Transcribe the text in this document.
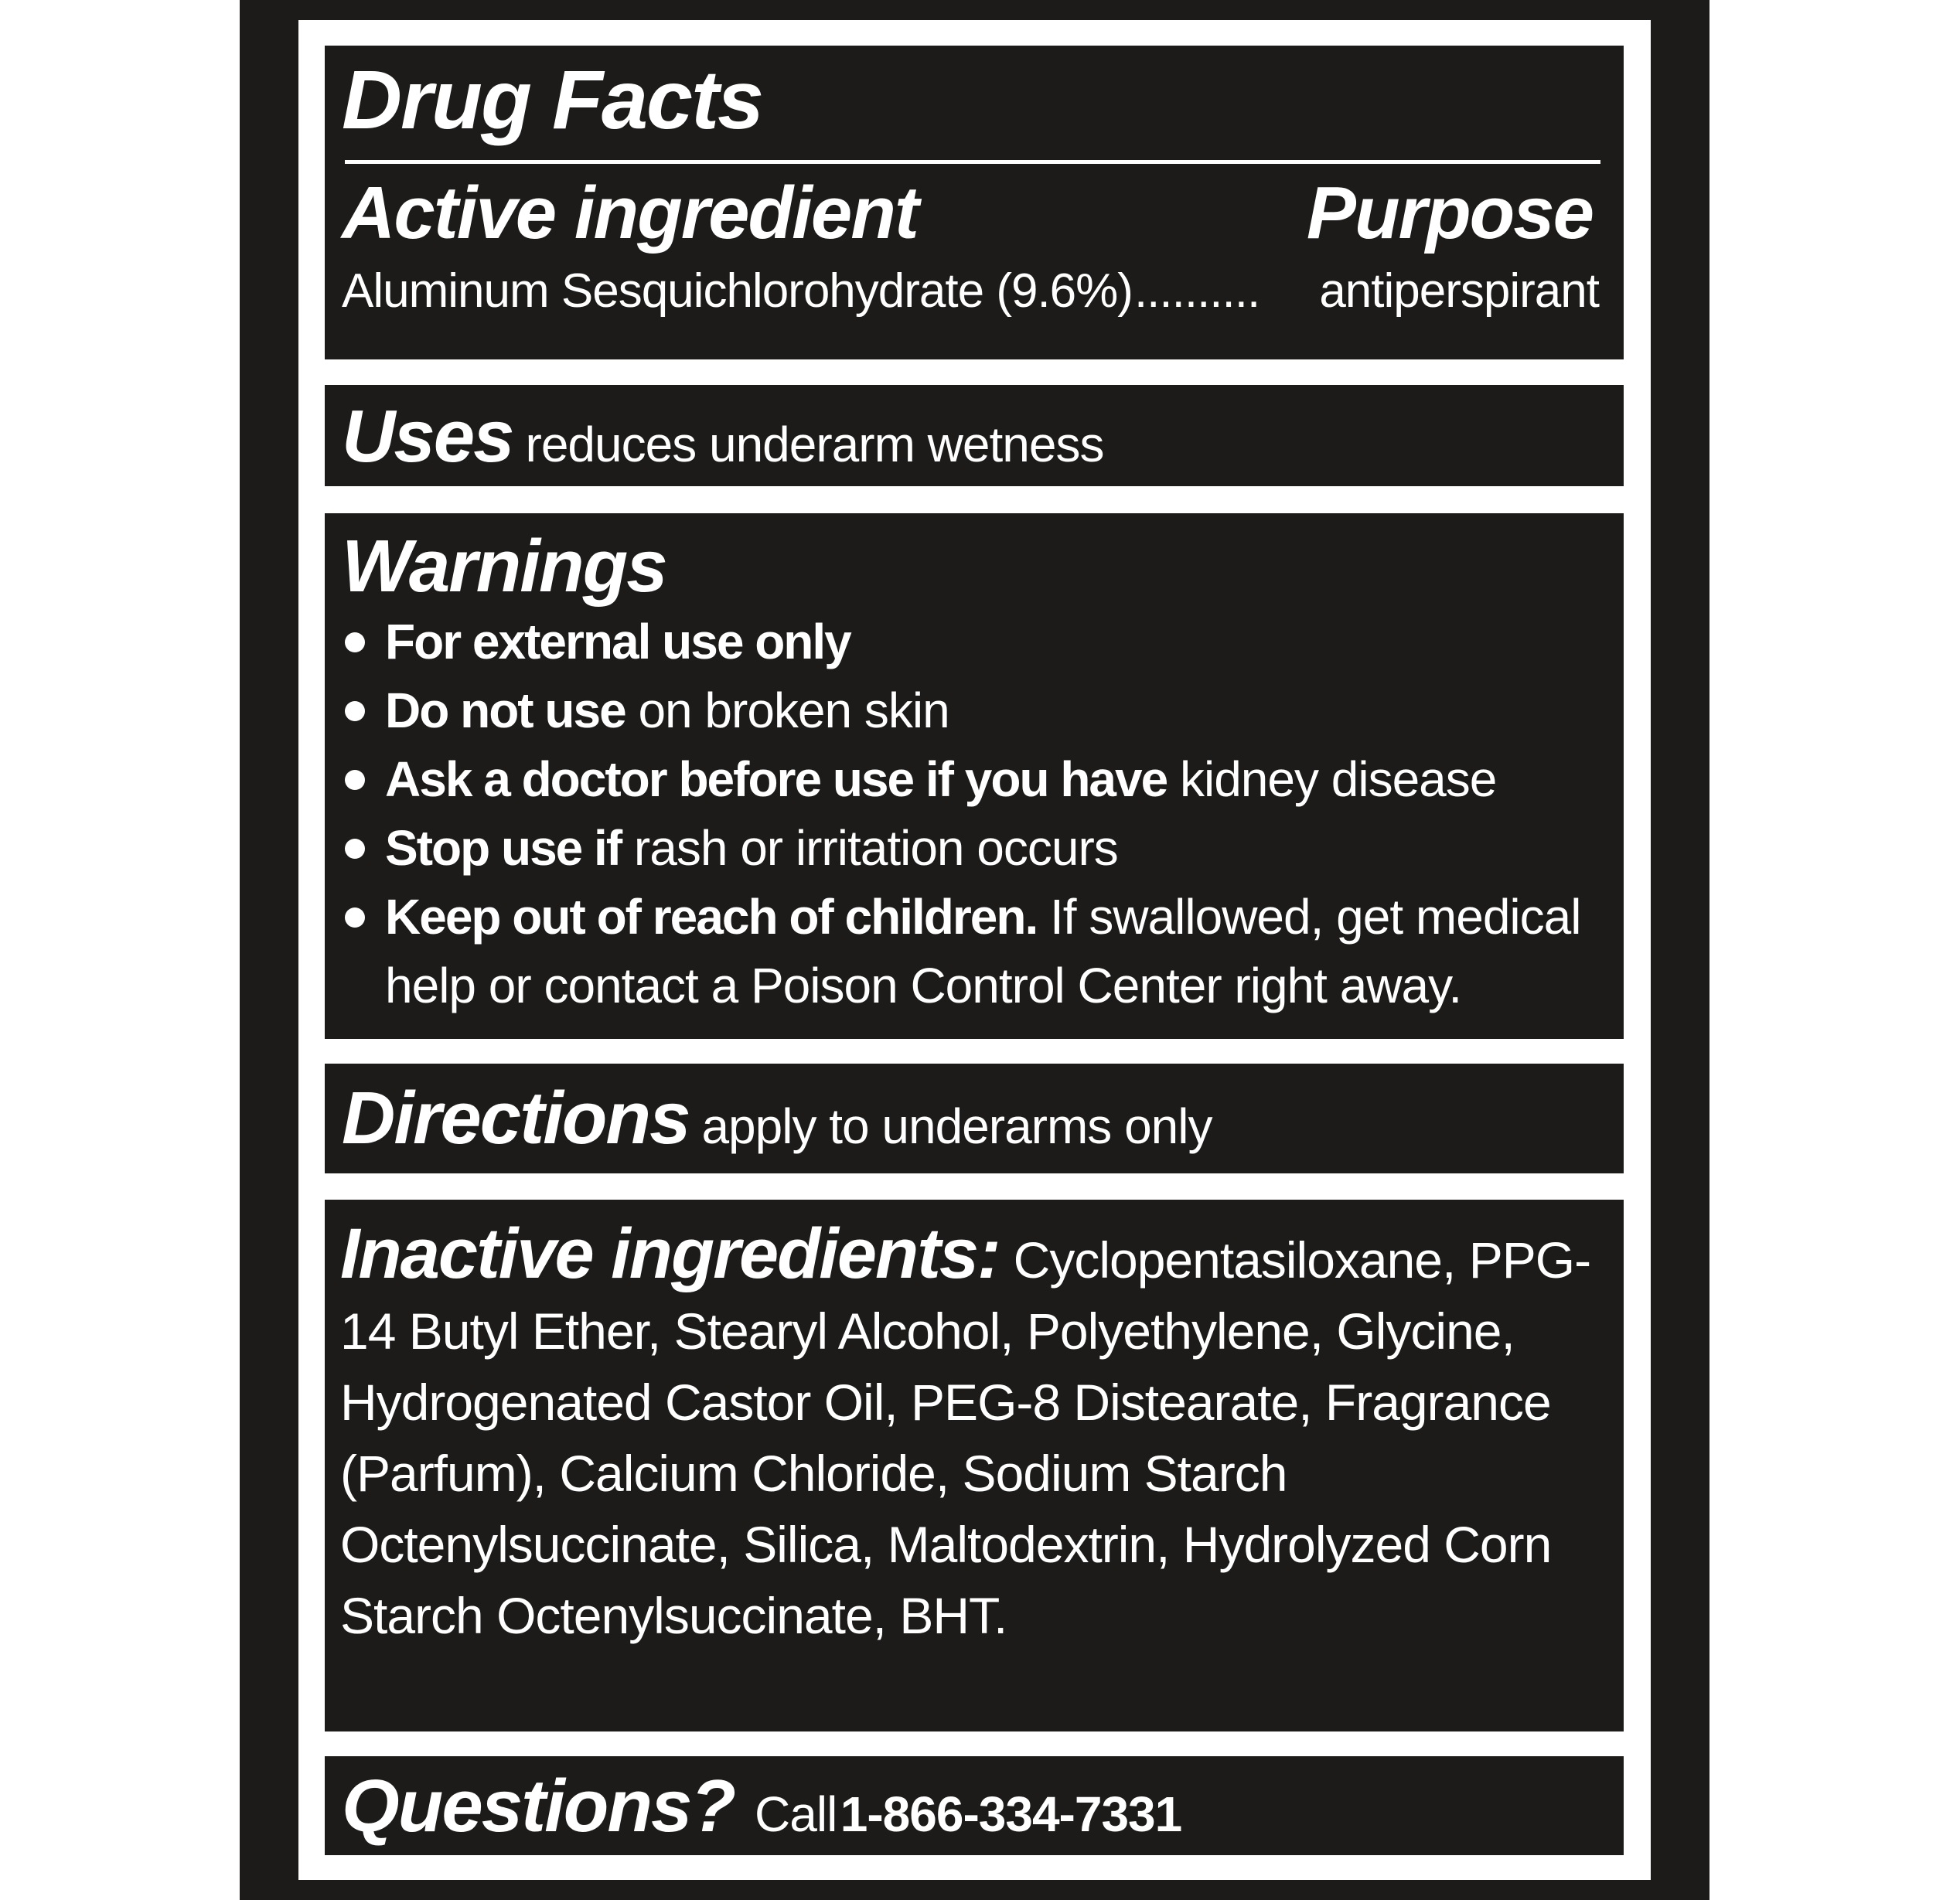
Drug Facts
Active ingredient	Purpose
Aluminum Sesquichlorohydrate (9.6%) ..........	antiperspirant
Uses reduces underarm wetness
Warnings
For external use only
Do not use on broken skin
Ask a doctor before use if you have kidney disease
Stop use if rash or irritation occurs
Keep out of reach of children. If swallowed, get medical help or contact a Poison Control Center right away.
Directions apply to underarms only
Inactive ingredients: Cyclopentasiloxane, PPG-14 Butyl Ether, Stearyl Alcohol, Polyethylene, Glycine, Hydrogenated Castor Oil, PEG-8 Distearate, Fragrance (Parfum), Calcium Chloride, Sodium Starch Octenylsuccinate, Silica, Maltodextrin, Hydrolyzed Corn Starch Octenylsuccinate, BHT.
Questions? Call 1-866-334-7331
